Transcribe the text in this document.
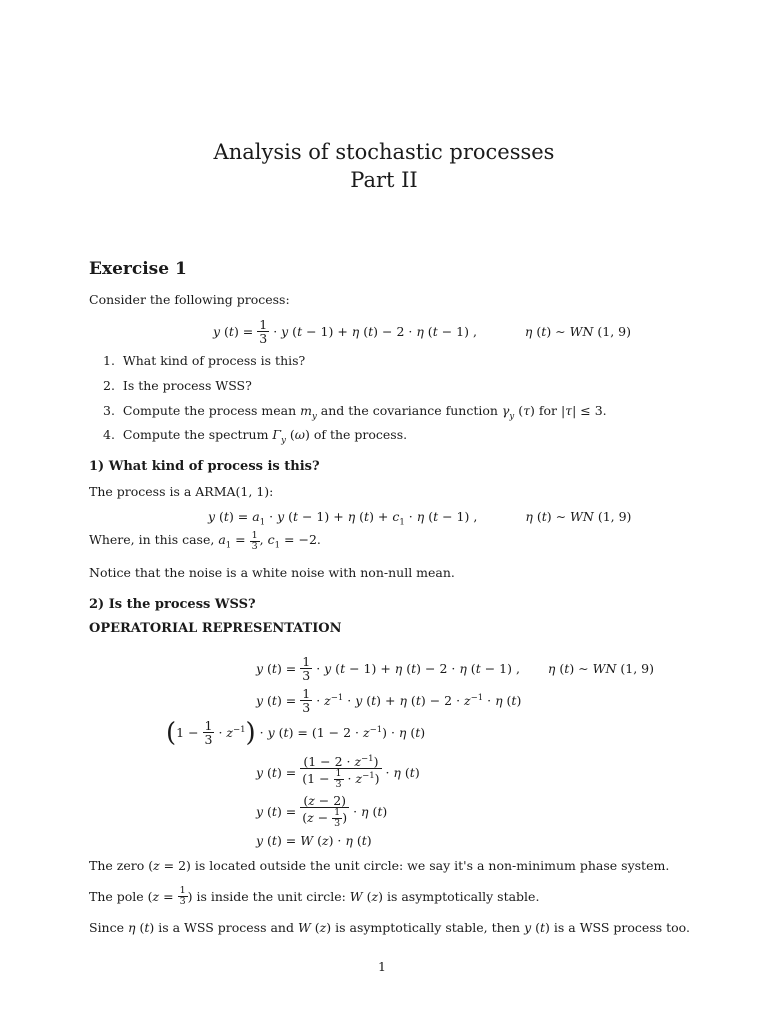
Analysis of stochastic processes
Part II
Exercise 1
Consider the following process:
y $(t) = \frac{1}{3} \cdot y$ (t − 1) + η (t) − 2 · η (t − 1) ,	η (t) ∼ WN (1, 9)
1. What kind of process is this?
2. Is the process WSS?
3.  Compute the process mean $m_y$ and the covariance function $\gamma_y$ (τ) for |τ| ≤ 3.
4.  Compute the spectrum $\Gamma_y$ (ω) of the process.
1) What kind of process is this?
The process is a ARMA(1, 1):
y $(t) = a_1 \cdot y$ (t − 1) + η $(t) + c_1 \cdot \eta$ (t − 1) ,	η (t) ∼ WN (1, 9)
Where, in this case, $a_1 = \frac{1}{3}$ , $c_1 = -2$.
Notice that the noise is a white noise with non-null mean.
2) Is the process WSS?
OPERATORIAL REPRESENTATION
y $(t) = \frac{1}{3} \cdot y$ (t − 1) + η (t) − 2 · η (t − 1) , η (t) ∼ WN (1, 9)
y $(t) = \frac{1}{3} \cdot z^{-1} \cdot y$ (t) + η $(t) - 2 \cdot z^{-1} \cdot \eta$ (t)
( $1 - \frac{1}{3} \cdot z^{-1}$ ) · y $(t) = (1 - 2 \cdot z^{-1}) \cdot \eta$ (t)
y $(t) = \frac{(1 - 2 \cdot z^{-1})}{(1 - \frac{1}{3} \cdot z^{-1})} \cdot \eta$ (t)
y $(t) = \frac{(z - 2)}{(z - \frac{1}{3} )} \cdot \eta$ (t)
y (t) = W (z) · η (t)
The zero (z = 2) is located outside the unit circle: we say it's a non-minimum phase system.
The pole ($z = \frac{1}{3}$ ) is inside the unit circle: W (z) is asymptotically stable.
Since η (t) is a WSS process and W (z) is asymptotically stable, then y (t) is a WSS process too.
1
